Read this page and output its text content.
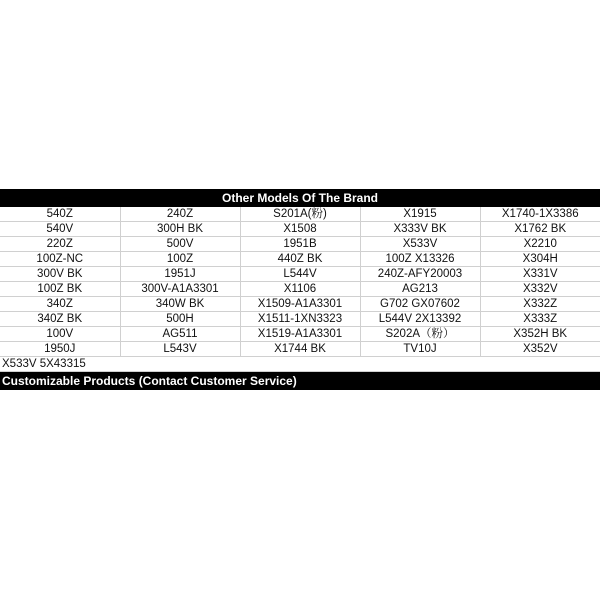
Other Models Of The Brand
540Z	240Z	S201A(粉)	X1915	X1740-1X3386
540V	300H BK	X1508	X333V BK	X1762 BK
220Z	500V	1951B	X533V	X2210
100Z-NC	100Z	440Z BK	100Z X13326	X304H
300V BK	1951J	L544V	240Z-AFY20003	X331V
100Z BK	300V-A1A3301	X1106	AG213	X332V
340Z	340W BK	X1509-A1A3301	G702 GX07602	X332Z
340Z BK	500H	X1511-1XN3323	L544V 2X13392	X333Z
100V	AG511	X1519-A1A3301	S202A（粉）	X352H BK
1950J	L543V	X1744 BK	TV10J	X352V
X533V 5X43315
Customizable Products (Contact Customer Service)
